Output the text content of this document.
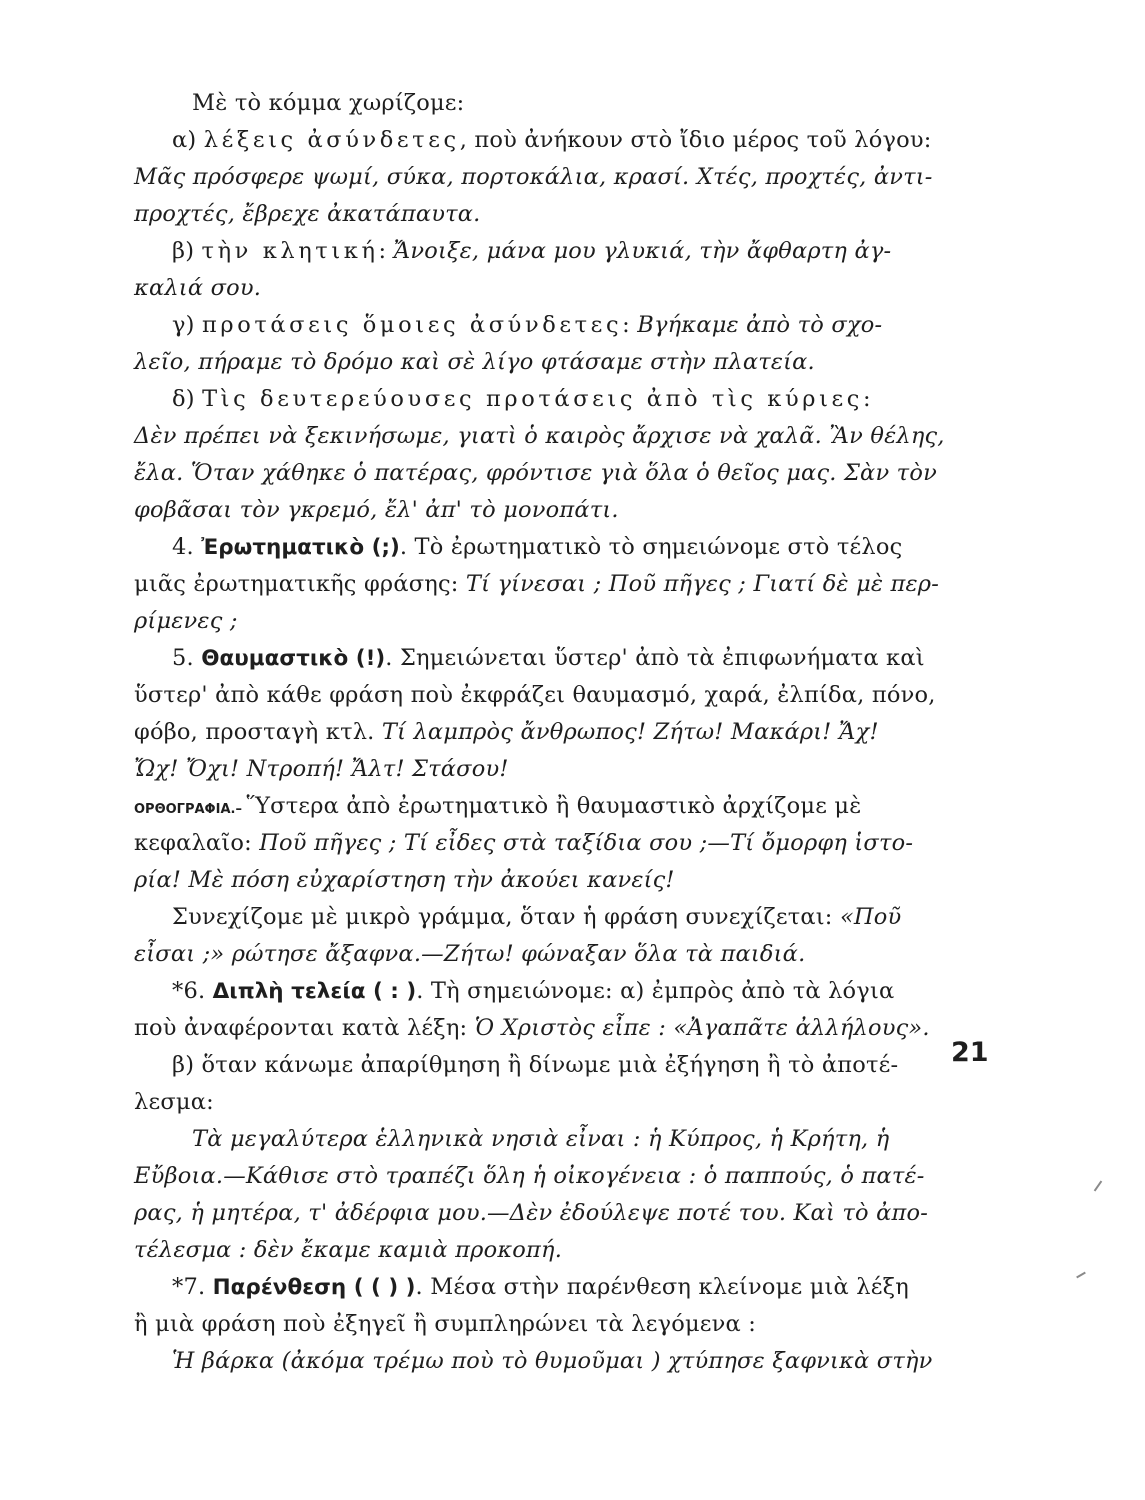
Μὲ τὸ κόμμα χωρίζομε:
α) λέξεις ἀσύνδετες, ποὺ ἀνήκουν στὸ ἴδιο μέρος τοῦ λόγου:
Μᾶς πρόσφερε ψωμί, σύκα, πορτοκάλια, κρασί. Χτές, προχτές, ἀντι-
προχτές, ἔβρεχε ἀκατάπαυτα.
β) τὴν κλητική: Ἄνοιξε, μάνα μου γλυκιά, τὴν ἄφθαρτη ἀγ-
καλιά σου.
γ) προτάσεις ὅμοιες ἀσύνδετες: Βγήκαμε ἀπὸ τὸ σχο-
λεῖο, πήραμε τὸ δρόμο καὶ σὲ λίγο φτάσαμε στὴν πλατεία.
δ) Τὶς δευτερεύουσες προτάσεις ἀπὸ τὶς κύριες:
Δὲν πρέπει νὰ ξεκινήσωμε, γιατὶ ὁ καιρὸς ἄρχισε νὰ χαλᾶ. Ἂν θέλης,
ἔλα. Ὅταν χάθηκε ὁ πατέρας, φρόντισε γιὰ ὅλα ὁ θεῖος μας. Σὰν τὸν
φοβᾶσαι τὸν γκρεμό, ἔλ' ἀπ' τὸ μονοπάτι.
4. Ἐρωτηματικὸ (;). Τὸ ἐρωτηματικὸ τὸ σημειώνομε στὸ τέλος
μιᾶς ἐρωτηματικῆς φράσης: Τί γίνεσαι ; Ποῦ πῆγες ; Γιατί δὲ μὲ περ-
ρίμενες ;
5. Θαυμαστικὸ (!). Σημειώνεται ὕστερ' ἀπὸ τὰ ἐπιφωνήματα καὶ
ὕστερ' ἀπὸ κάθε φράση ποὺ ἐκφράζει θαυμασμό, χαρά, ἐλπίδα, πόνο,
φόβο, προσταγὴ κτλ. Τί λαμπρὸς ἄνθρωπος! Ζήτω! Μακάρι! Ἄχ!
Ὤχ! Ὄχι! Ντροπή! Ἄλτ! Στάσου!
ΟΡΘΟΓΡΑΦΙΑ.– Ὕστερα ἀπὸ ἐρωτηματικὸ ἢ θαυμαστικὸ ἀρχίζομε μὲ
κεφαλαῖο: Ποῦ πῆγες ; Τί εἶδες στὰ ταξίδια σου ;—Τί ὄμορφη ἱστο-
ρία! Μὲ πόση εὐχαρίστηση τὴν ἀκούει κανείς!
Συνεχίζομε μὲ μικρὸ γράμμα, ὅταν ἡ φράση συνεχίζεται: «Ποῦ
εἶσαι ;» ρώτησε ἄξαφνα.—Ζήτω! φώναξαν ὅλα τὰ παιδιά.
*6. Διπλὴ τελεία ( : ). Τὴ σημειώνομε: α) ἐμπρὸς ἀπὸ τὰ λόγια
ποὺ ἀναφέρονται κατὰ λέξη: Ὁ Χριστὸς εἶπε : «Ἀγαπᾶτε ἀλλήλους».
β) ὅταν κάνωμε ἀπαρίθμηση ἢ δίνωμε μιὰ ἐξήγηση ἢ τὸ ἀποτέ-
λεσμα:
Τὰ μεγαλύτερα ἑλληνικὰ νησιὰ εἶναι : ἡ Κύπρος, ἡ Κρήτη, ἡ
Εὔβοια.—Κάθισε στὸ τραπέζι ὅλη ἡ οἰκογένεια : ὁ παππούς, ὁ πατέ-
ρας, ἡ μητέρα, τ' ἀδέρφια μου.—Δὲν ἐδούλεψε ποτέ του. Καὶ τὸ ἀπο-
τέλεσμα : δὲν ἔκαμε καμιὰ προκοπή.
*7. Παρένθεση ( ( ) ). Μέσα στὴν παρένθεση κλείνομε μιὰ λέξη
ἢ μιὰ φράση ποὺ ἐξηγεῖ ἢ συμπληρώνει τὰ λεγόμενα :
Ἡ βάρκα (ἀκόμα τρέμω ποὺ τὸ θυμοῦμαι ) χτύπησε ξαφνικὰ στὴν
21
